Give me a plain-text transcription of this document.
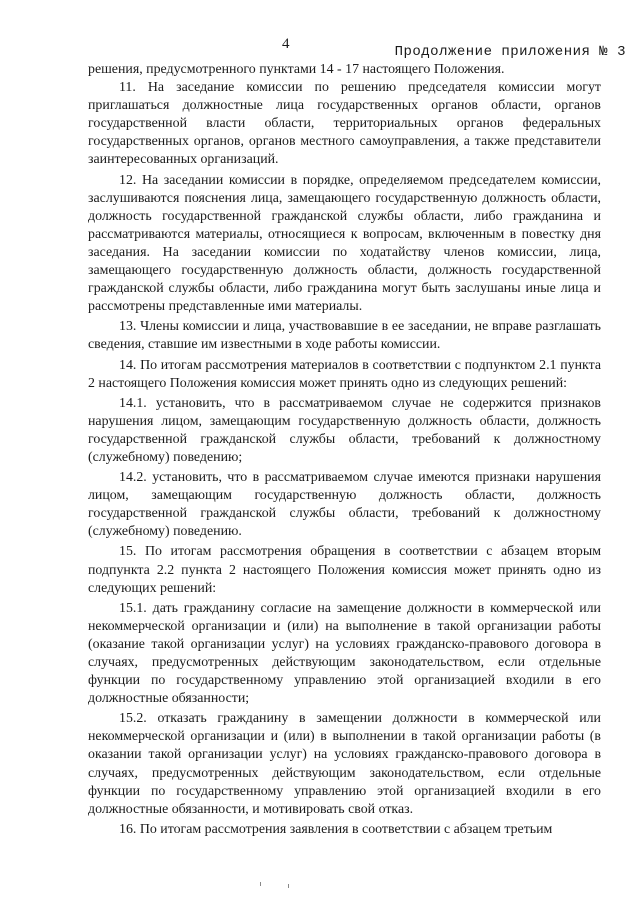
4	Продолжение приложения № 3

решения, предусмотренного пунктами 14 - 17 настоящего Положения.

11. На заседание комиссии по решению председателя комиссии могут приглашаться должностные лица государственных органов области, органов государственной власти области, территориальных органов федеральных государственных органов, органов местного самоуправления, а также представители заинтересованных организаций.

12. На заседании комиссии в порядке, определяемом председателем комиссии, заслушиваются пояснения лица, замещающего государственную должность области, должность государственной гражданской службы области, либо гражданина и рассматриваются материалы, относящиеся к вопросам, включенным в повестку дня заседания. На заседании комиссии по ходатайству членов комиссии, лица, замещающего государственную должность области, должность государственной гражданской службы области, либо гражданина могут быть заслушаны иные лица и рассмотрены представленные ими материалы.

13. Члены комиссии и лица, участвовавшие в ее заседании, не вправе разглашать сведения, ставшие им известными в ходе работы комиссии.

14. По итогам рассмотрения материалов в соответствии с подпунктом 2.1 пункта 2 настоящего Положения комиссия может принять одно из следующих решений:

14.1. установить, что в рассматриваемом случае не содержится признаков нарушения лицом, замещающим государственную должность области, должность государственной гражданской службы области, требований к должностному (служебному) поведению;

14.2. установить, что в рассматриваемом случае имеются признаки нарушения лицом, замещающим государственную должность области, должность государственной гражданской службы области, требований к должностному (служебному) поведению.

15. По итогам рассмотрения обращения в соответствии с абзацем вторым подпункта 2.2 пункта 2 настоящего Положения комиссия может принять одно из следующих решений:

15.1. дать гражданину согласие на замещение должности в коммерческой или некоммерческой организации и (или) на выполнение в такой организации работы (оказание такой организации услуг) на условиях гражданско-правового договора в случаях, предусмотренных действующим законодательством, если отдельные функции по государственному управлению этой организацией входили в его должностные обязанности;

15.2. отказать гражданину в замещении должности в коммерческой или некоммерческой организации и (или) в выполнении в такой организации работы (в оказании такой организации услуг) на условиях гражданско-правового договора в случаях, предусмотренных действующим законодательством, если отдельные функции по государственному управлению этой организацией входили в его должностные обязанности, и мотивировать свой отказ.

16. По итогам рассмотрения заявления в соответствии с абзацем третьим
